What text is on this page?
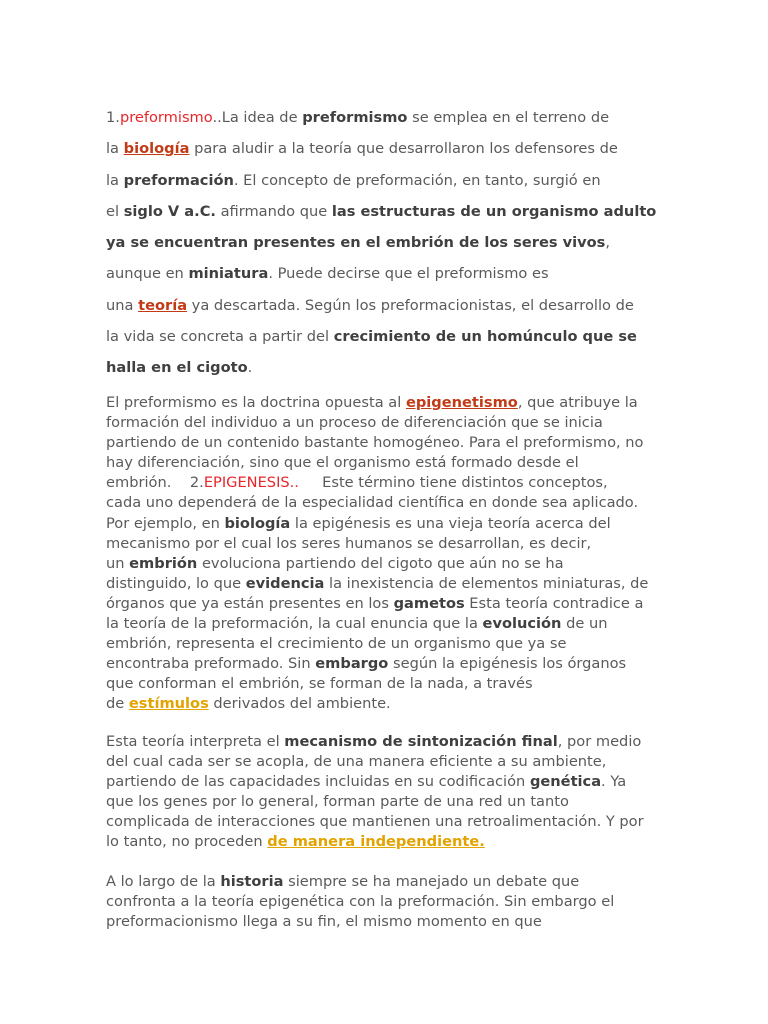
1.preformismo..La idea de preformismo se emplea en el terreno de
la biología para aludir a la teoría que desarrollaron los defensores de
la preformación. El concepto de preformación, en tanto, surgió en
el siglo V a.C. afirmando que las estructuras de un organismo adulto
ya se encuentran presentes en el embrión de los seres vivos,
aunque en miniatura. Puede decirse que el preformismo es
una teoría ya descartada. Según los preformacionistas, el desarrollo de
la vida se concreta a partir del crecimiento de un homúnculo que se
halla en el cigoto.
El preformismo es la doctrina opuesta al epigenetismo, que atribuye la
formación del individuo a un proceso de diferenciación que se inicia
partiendo de un contenido bastante homogéneo. Para el preformismo, no
hay diferenciación, sino que el organismo está formado desde el
embrión.    2.EPIGENESIS..     Este término tiene distintos conceptos,
cada uno dependerá de la especialidad científica en donde sea aplicado.
Por ejemplo, en biología la epigénesis es una vieja teoría acerca del
mecanismo por el cual los seres humanos se desarrollan, es decir,
un embrión evoluciona partiendo del cigoto que aún no se ha
distinguido, lo que evidencia la inexistencia de elementos miniaturas, de
órganos que ya están presentes en los gametos Esta teoría contradice a
la teoría de la preformación, la cual enuncia que la evolución de un
embrión, representa el crecimiento de un organismo que ya se
encontraba preformado. Sin embargo según la epigénesis los órganos
que conforman el embrión, se forman de la nada, a través
de estímulos derivados del ambiente.
Esta teoría interpreta el mecanismo de sintonización final, por medio
del cual cada ser se acopla, de una manera eficiente a su ambiente,
partiendo de las capacidades incluidas en su codificación genética. Ya
que los genes por lo general, forman parte de una red un tanto
complicada de interacciones que mantienen una retroalimentación. Y por
lo tanto, no proceden de manera independiente.
A lo largo de la historia siempre se ha manejado un debate que
confronta a la teoría epigenética con la preformación. Sin embargo el
preformacionismo llega a su fin, el mismo momento en que
